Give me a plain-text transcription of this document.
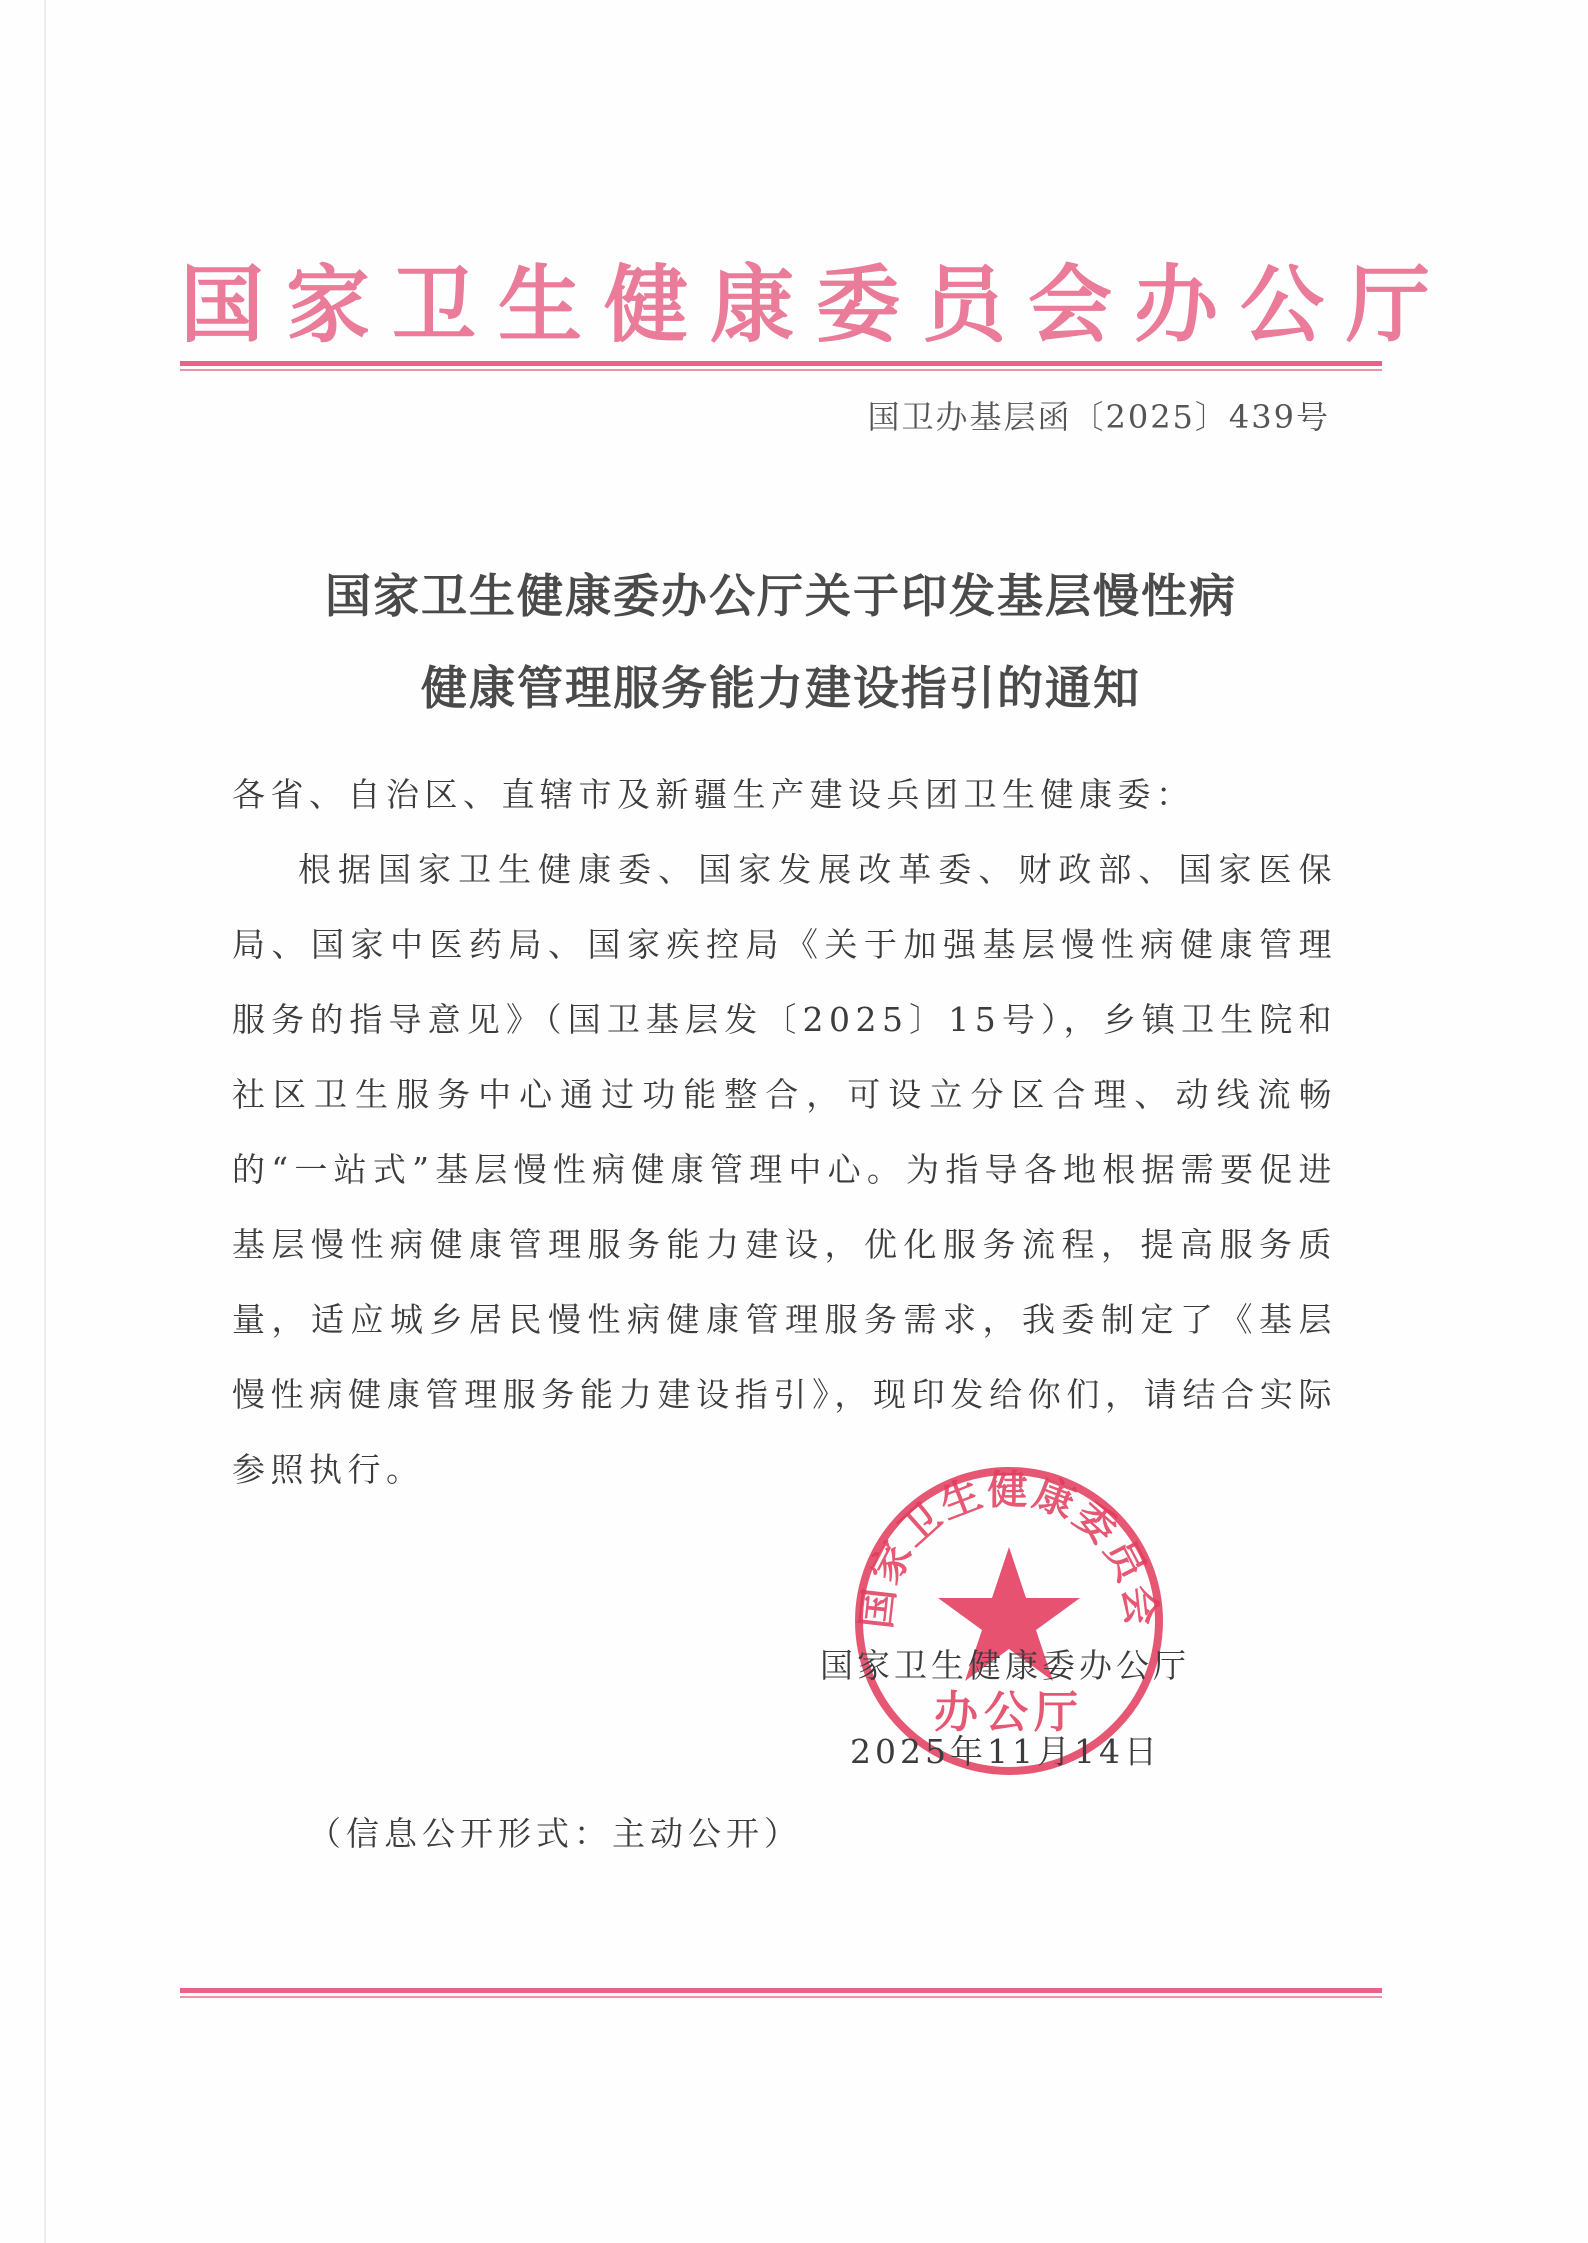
国家卫生健康委员会办公厅
国卫办基层函〔2025〕439号
国家卫生健康委办公厅关于印发基层慢性病
健康管理服务能力建设指引的通知
各省、自治区、直辖市及新疆生产建设兵团卫生健康委：
根据国家卫生健康委、国家发展改革委、财政部、国家医保局、国家中医药局、国家疾控局《关于加强基层慢性病健康管理服务的指导意见》（国卫基层发〔2025〕15号），乡镇卫生院和社区卫生服务中心通过功能整合，可设立分区合理、动线流畅的“一站式”基层慢性病健康管理中心。为指导各地根据需要促进基层慢性病健康管理服务能力建设，优化服务流程，提高服务质量，适应城乡居民慢性病健康管理服务需求，我委制定了《基层慢性病健康管理服务能力建设指引》，现印发给你们，请结合实际参照执行。
国家卫生健康委员会
办公厅
国家卫生健康委办公厅
2025年11月14日
（信息公开形式：主动公开）
